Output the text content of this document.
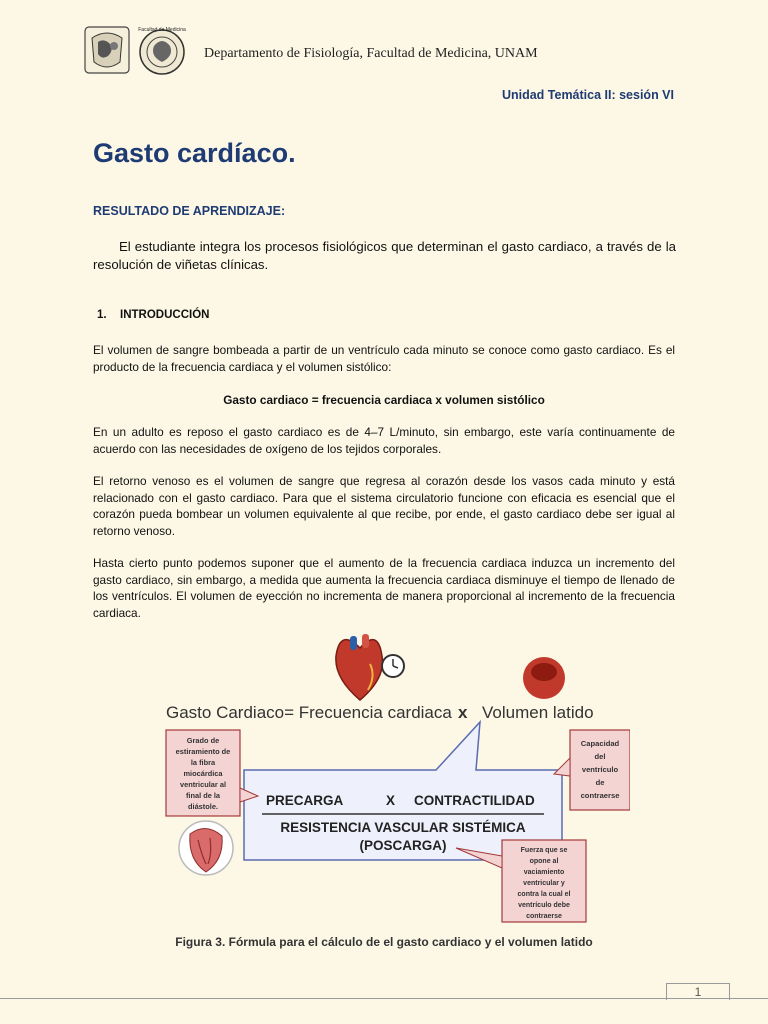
Facultad de Medicina
Departamento de Fisiología, Facultad de Medicina, UNAM
Unidad Temática II: sesión VI
Gasto cardíaco.
RESULTADO DE APRENDIZAJE:
El estudiante integra los procesos fisiológicos que determinan el gasto cardiaco, a través de la resolución de viñetas clínicas.
1. INTRODUCCIÓN
El volumen de sangre bombeada a partir de un ventrículo cada minuto se conoce como gasto cardiaco. Es el producto de la frecuencia cardiaca y el volumen sistólico:
Gasto cardiaco = frecuencia cardiaca x volumen sistólico
En un adulto es reposo el gasto cardiaco es de 4–7 L/minuto, sin embargo, este varía continuamente de acuerdo con las necesidades de oxígeno de los tejidos corporales.
El retorno venoso es el volumen de sangre que regresa al corazón desde los vasos cada minuto y está relacionado con el gasto cardiaco. Para que el sistema circulatorio funcione con eficacia es esencial que el corazón pueda bombear un volumen equivalente al que recibe, por ende, el gasto cardiaco debe ser igual al retorno venoso.
Hasta cierto punto podemos suponer que el aumento de la frecuencia cardiaca induzca un incremento del gasto cardiaco, sin embargo, a medida que aumenta la frecuencia cardiaca disminuye el tiempo de llenado de los ventrículos. El volumen de eyección no incrementa de manera proporcional al incremento de la frecuencia cardiaca.
Gasto Cardiaco= Frecuencia cardiaca x Volumen latido
PRECARGA	X CONTRACTILIDAD
RESISTENCIA VASCULAR SISTÉMICA
(POSCARGA)
Grado de estiramiento de la fibra miocárdica ventricular al final de la diástole.
Capacidad del ventrículo de contraerse
Fuerza que se opone al vaciamiento ventricular y contra la cual el ventrículo debe contraerse
Figura 3. Fórmula para el cálculo de el gasto cardiaco y el volumen latido
1
